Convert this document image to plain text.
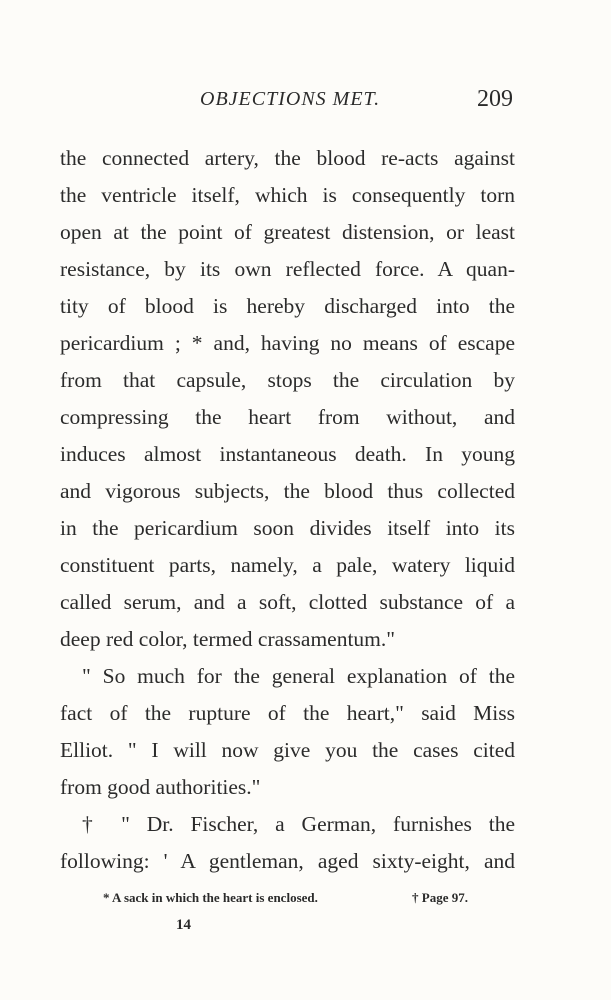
OBJECTIONS MET.	209
the connected artery, the blood re-acts against
the ventricle itself, which is consequently torn
open at the point of greatest distension, or least
resistance, by its own reflected force. A quan-
tity of blood is hereby discharged into the
pericardium ; * and, having no means of escape
from that capsule, stops the circulation by
compressing the heart from without, and
induces almost instantaneous death. In young
and vigorous subjects, the blood thus collected
in the pericardium soon divides itself into its
constituent parts, namely, a pale, watery liquid
called serum, and a soft, clotted substance of a
deep red color, termed crassamentum."
" So much for the general explanation of the
fact of the rupture of the heart," said Miss
Elliot. " I will now give you the cases cited
from good authorities."
† " Dr. Fischer, a German, furnishes the
following: ' A gentleman, aged sixty-eight, and
* A sack in which the heart is enclosed.	† Page 97.
14
